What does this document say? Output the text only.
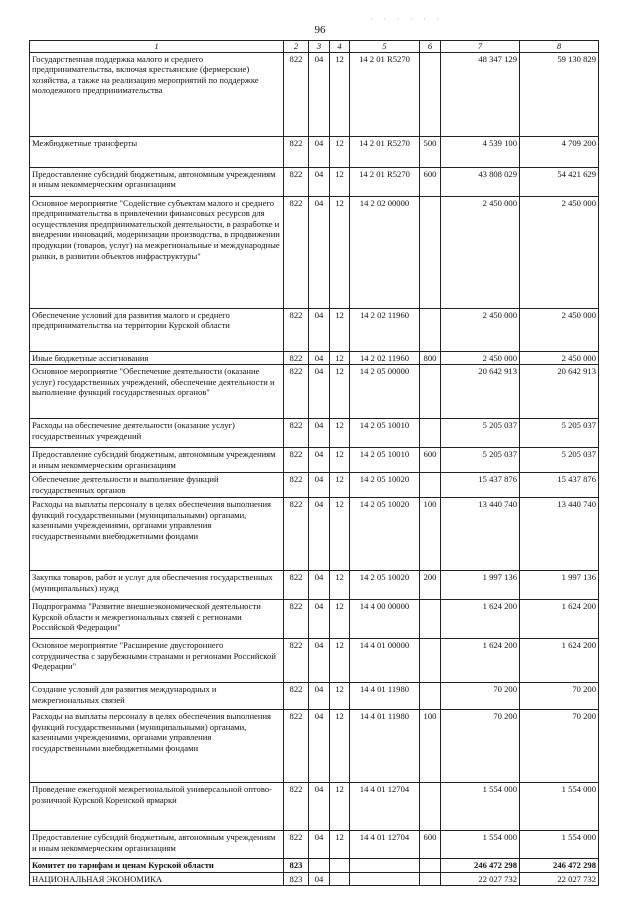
96
· · · · · ·
1	2	3	4	5	6	7	8
Государственная поддержка малого и среднего предпринимательства, включая крестьянские (фермерские) хозяйства, а также на реализацию мероприятий по поддержке молодежного предпринимательства	822	04	12	14 2 01 R5270		48 347 129	59 130 829
Межбюджетные трансферты	822	04	12	14 2 01 R5270	500	4 539 100	4 709 200
Предоставление субсидий бюджетным, автономным учреждениям и иным некоммерческим организациям	822	04	12	14 2 01 R5270	600	43 808 029	54 421 629
Основное мероприятие "Содействие субъектам малого и среднего предпринимательства в привлечении финансовых ресурсов для осуществления предпринимательской деятельности, в разработке и внедрении инноваций, модернизации производства, в продвижении продукции (товаров, услуг) на межрегиональные и международные рынки, в развитии объектов инфраструктуры"	822	04	12	14 2 02 00000		2 450 000	2 450 000
Обеспечение условий для развития малого и среднего предпринимательства на территории Курской области	822	04	12	14 2 02 11960		2 450 000	2 450 000
Иные бюджетные ассигнования	822	04	12	14 2 02 11960	800	2 450 000	2 450 000
Основное мероприятие "Обеспечение деятельности (оказание услуг) государственных учреждений, обеспечение деятельности и выполнение функций государственных органов"	822	04	12	14 2 05 00000		20 642 913	20 642 913
Расходы на обеспечение деятельности (оказание услуг) государственных учреждений	822	04	12	14 2 05 10010		5 205 037	5 205 037
Предоставление субсидий бюджетным, автономным учреждениям и иным некоммерческим организациям	822	04	12	14 2 05 10010	600	5 205 037	5 205 037
Обеспечение деятельности и выполнение функций государственных органов	822	04	12	14 2 05 10020		15 437 876	15 437 876
Расходы на выплаты персоналу в целях обеспечения выполнения функций государственными (муниципальными) органами, казенными учреждениями, органами управления государственными внебюджетными фондами	822	04	12	14 2 05 10020	100	13 440 740	13 440 740
Закупка товаров, работ и услуг для обеспечения государственных (муниципальных) нужд	822	04	12	14 2 05 10020	200	1 997 136	1 997 136
Подпрограмма "Развитие внешнеэкономической деятельности Курской области и межрегиональных связей с регионами Российской Федерации"	822	04	12	14 4 00 00000		1 624 200	1 624 200
Основное мероприятие "Расширение двустороннего сотрудничества с зарубежными странами и регионами Российской Федерации"	822	04	12	14 4 01 00000		1 624 200	1 624 200
Создание условий для развития международных и межрегиональных связей	822	04	12	14 4 01 11980		70 200	70 200
Расходы на выплаты персоналу в целях обеспечения выполнения функций государственными (муниципальными) органами, казенными учреждениями, органами управления государственными внебюджетными фондами	822	04	12	14 4 01 11980	100	70 200	70 200
Проведение ежегодной межрегиональной универсальной оптово-розничной Курской Коренской ярмарки	822	04	12	14 4 01 12704		1 554 000	1 554 000
Предоставление субсидий бюджетным, автономным учреждениям и иным некоммерческим организациям	822	04	12	14 4 01 12704	600	1 554 000	1 554 000
Комитет по тарифам и ценам Курской области	823					246 472 298	246 472 298
НАЦИОНАЛЬНАЯ ЭКОНОМИКА	823	04				22 027 732	22 027 732
